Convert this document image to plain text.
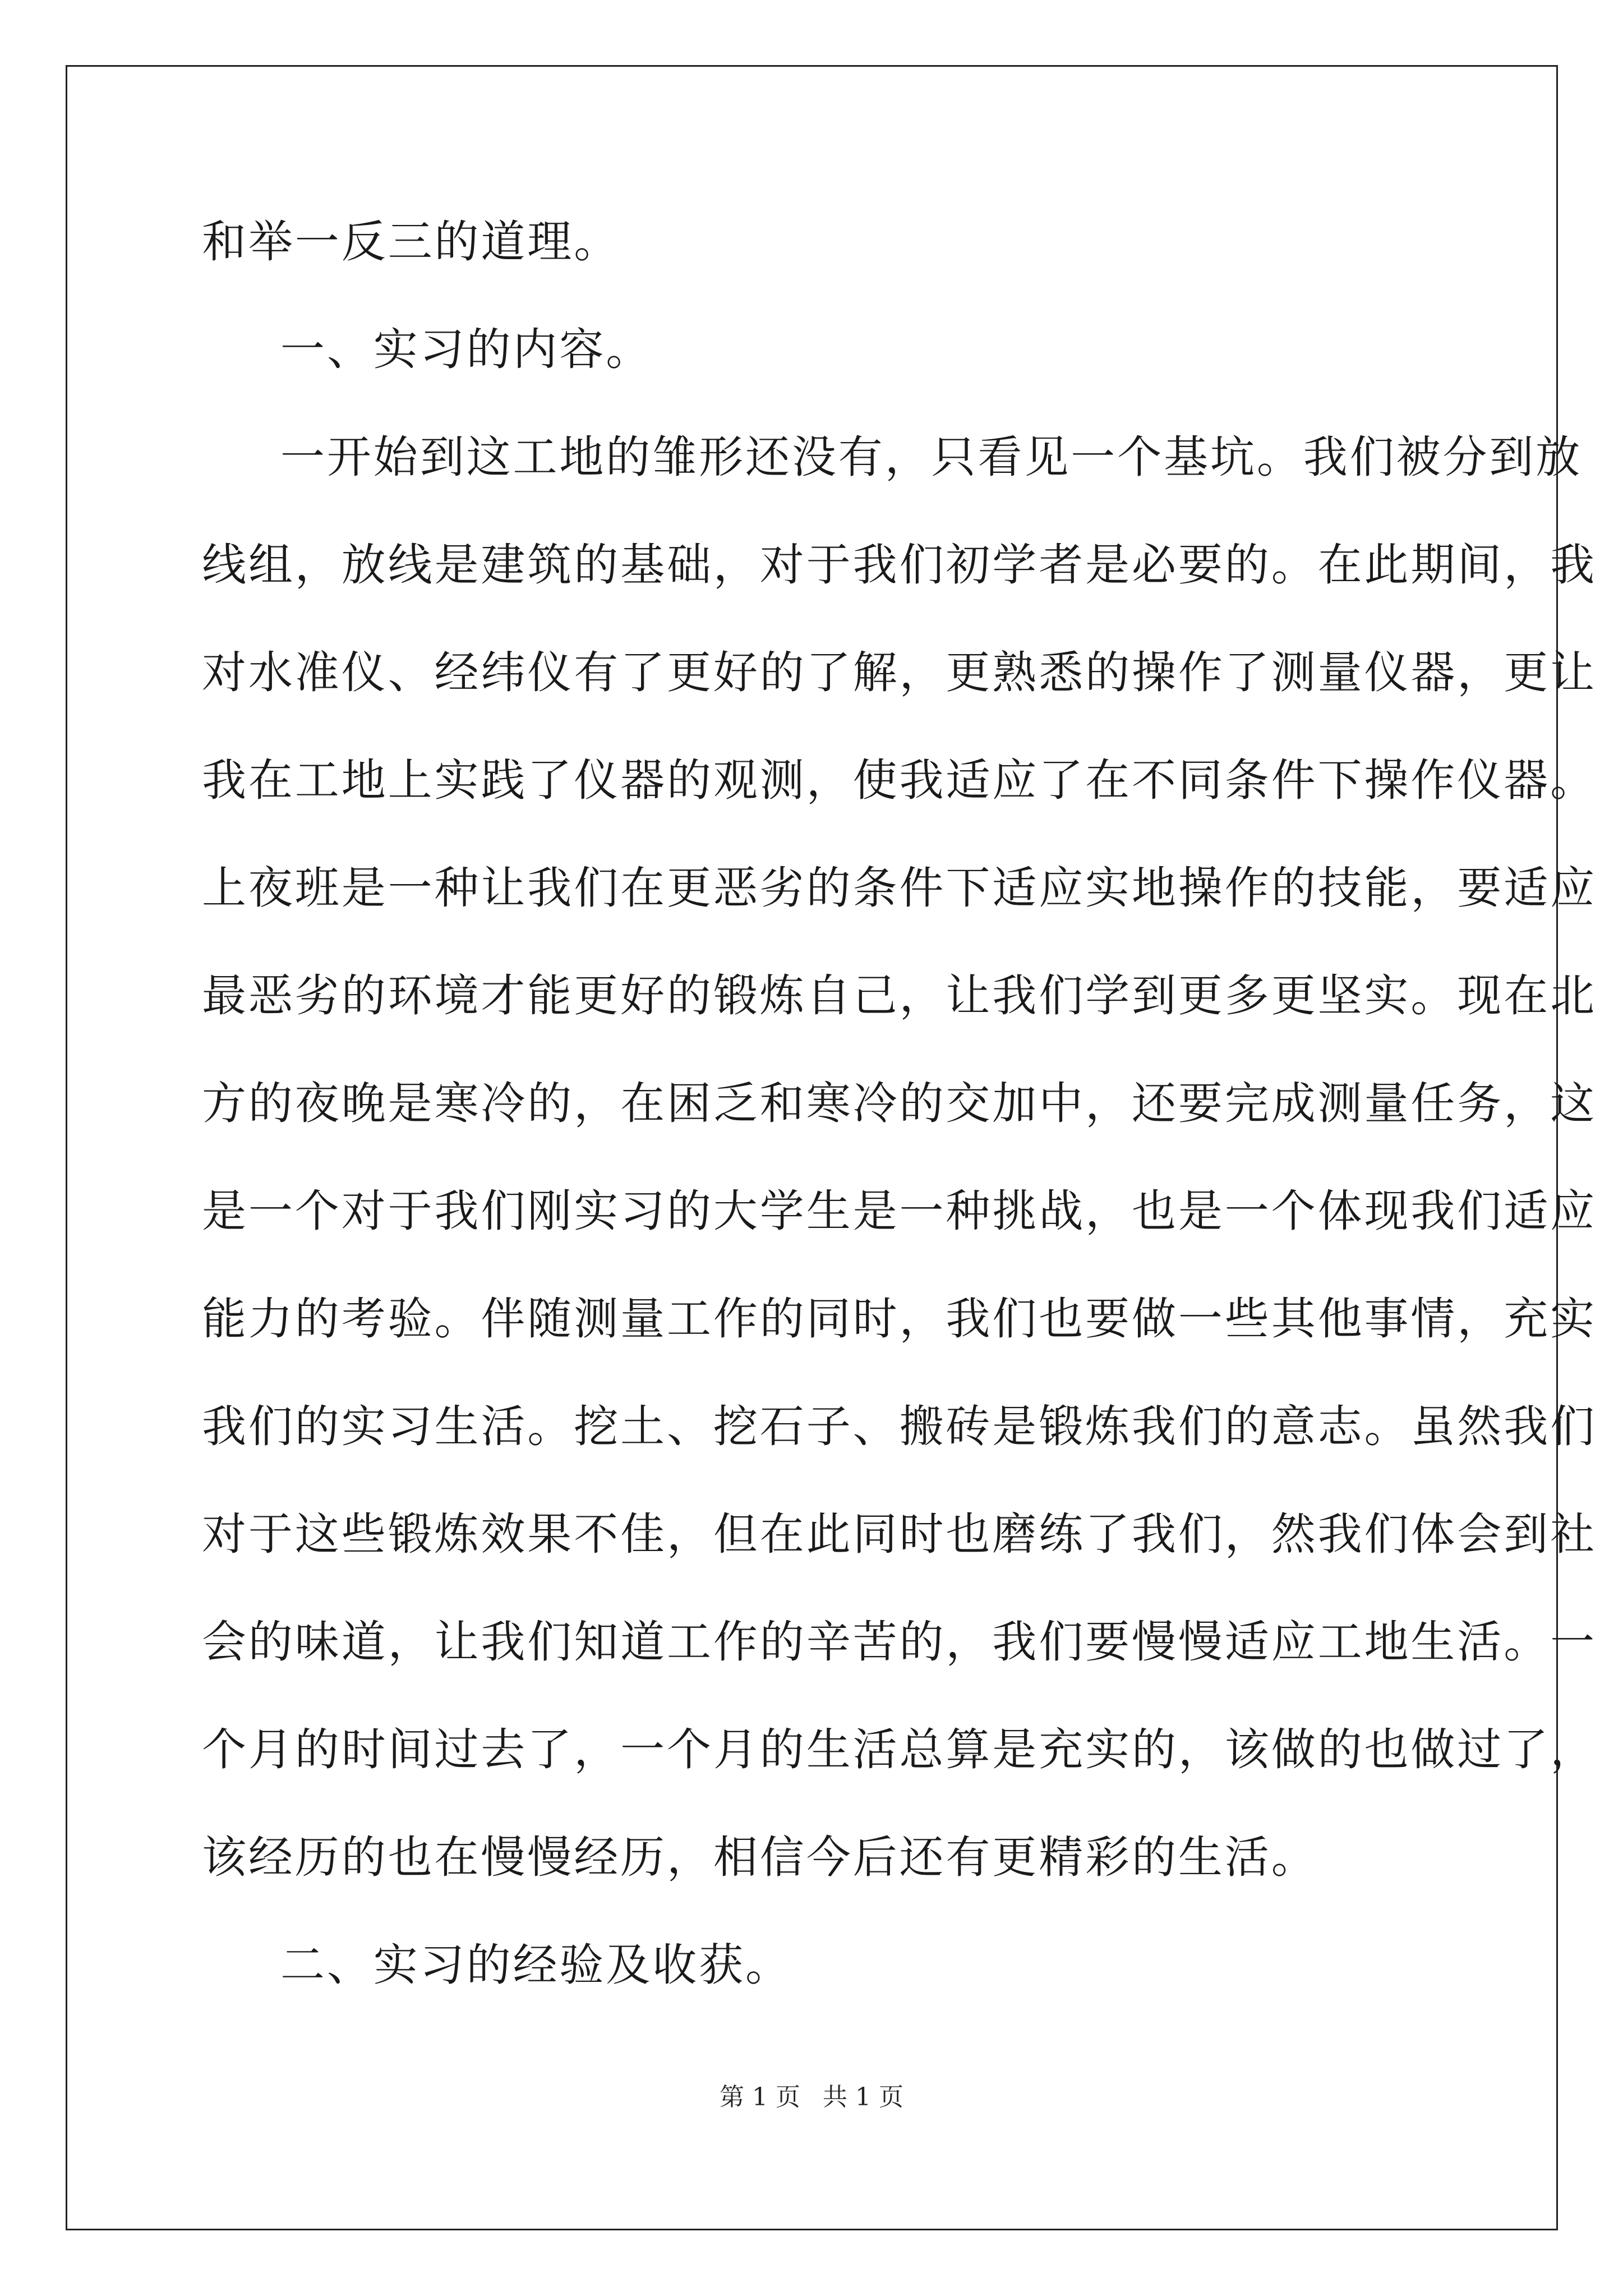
和举一反三的道理。
一、实习的内容。
一开始到这工地的雏形还没有，只看见一个基坑。我们被分到放
线组，放线是建筑的基础，对于我们初学者是必要的。在此期间，我
对水准仪、经纬仪有了更好的了解，更熟悉的操作了测量仪器，更让
我在工地上实践了仪器的观测，使我适应了在不同条件下操作仪器。
上夜班是一种让我们在更恶劣的条件下适应实地操作的技能，要适应
最恶劣的环境才能更好的锻炼自己，让我们学到更多更坚实。现在北
方的夜晚是寒冷的，在困乏和寒冷的交加中，还要完成测量任务，这
是一个对于我们刚实习的大学生是一种挑战，也是一个体现我们适应
能力的考验。伴随测量工作的同时，我们也要做一些其他事情，充实
我们的实习生活。挖土、挖石子、搬砖是锻炼我们的意志。虽然我们
对于这些锻炼效果不佳，但在此同时也磨练了我们，然我们体会到社
会的味道，让我们知道工作的辛苦的，我们要慢慢适应工地生活。一
个月的时间过去了，一个月的生活总算是充实的，该做的也做过了，
该经历的也在慢慢经历，相信今后还有更精彩的生活。
二、实习的经验及收获。
第 1 页 共 1 页
